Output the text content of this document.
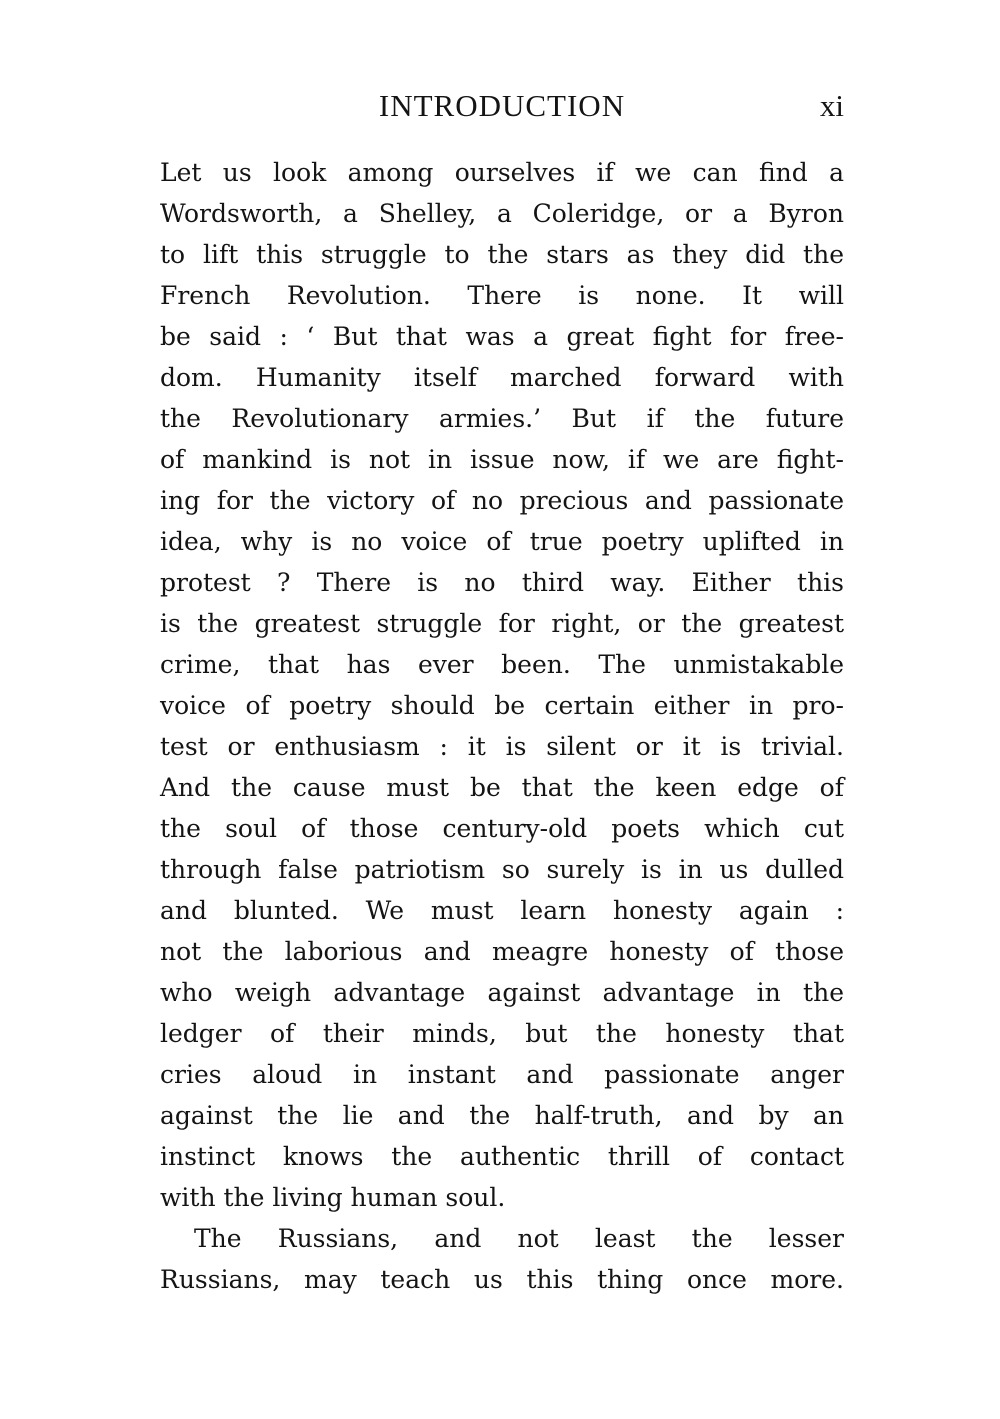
INTRODUCTION	xi
Let us look among ourselves if we can find a
Wordsworth, a Shelley, a Coleridge, or a Byron
to lift this struggle to the stars as they did the
French Revolution. There is none. It will
be said : ‘ But that was a great fight for free-
dom. Humanity itself marched forward with
the Revolutionary armies.’ But if the future
of mankind is not in issue now, if we are fight-
ing for the victory of no precious and passionate
idea, why is no voice of true poetry uplifted in
protest ? There is no third way. Either this
is the greatest struggle for right, or the greatest
crime, that has ever been. The unmistakable
voice of poetry should be certain either in pro-
test or enthusiasm : it is silent or it is trivial.
And the cause must be that the keen edge of
the soul of those century-old poets which cut
through false patriotism so surely is in us dulled
and blunted. We must learn honesty again :
not the laborious and meagre honesty of those
who weigh advantage against advantage in the
ledger of their minds, but the honesty that
cries aloud in instant and passionate anger
against the lie and the half-truth, and by an
instinct knows the authentic thrill of contact
with the living human soul.
The Russians, and not least the lesser
Russians, may teach us this thing once more.
